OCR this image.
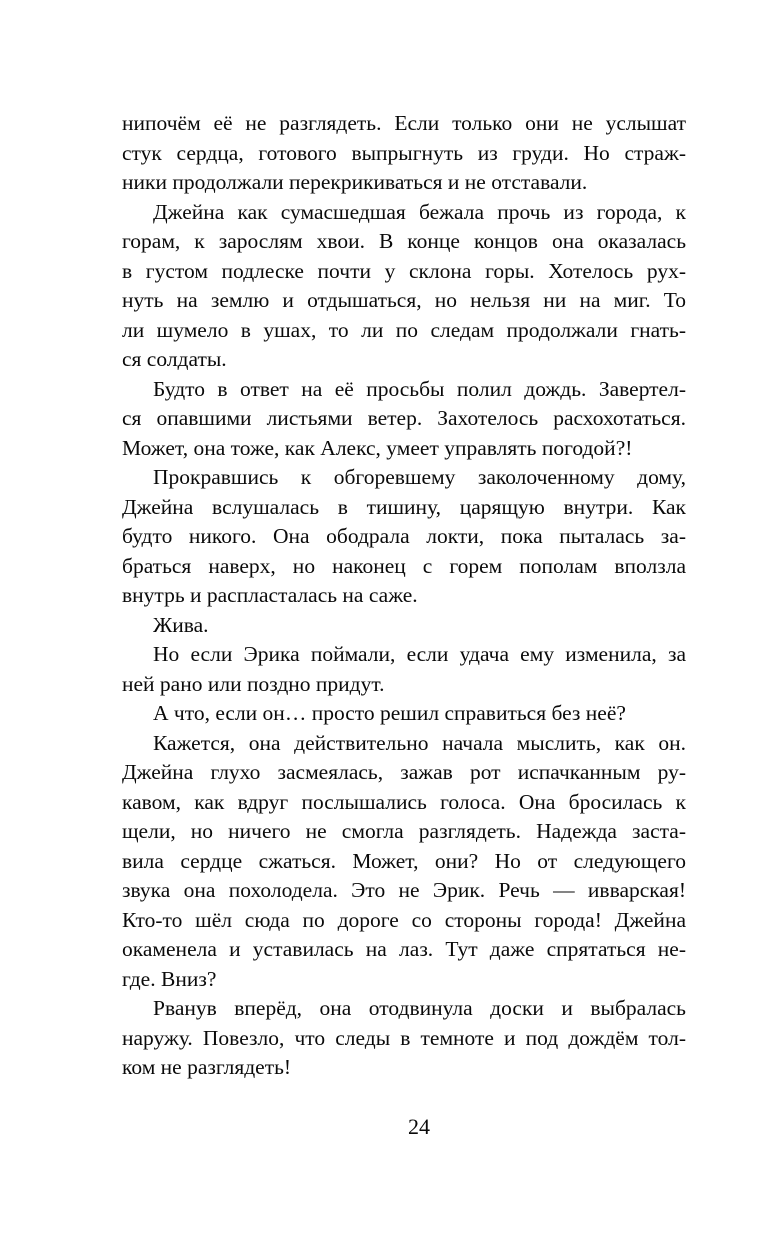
нипочём её не разглядеть. Если только они не услышат
стук сердца, готового выпрыгнуть из груди. Но страж-
ники продолжали перекрикиваться и не отставали.
Джейна как сумасшедшая бежала прочь из города, к
горам, к зарослям хвои. В конце концов она оказалась
в густом подлеске почти у склона горы. Хотелось рух-
нуть на землю и отдышаться, но нельзя ни на миг. То
ли шумело в ушах, то ли по следам продолжали гнать-
ся солдаты.
Будто в ответ на её просьбы полил дождь. Завертел-
ся опавшими листьями ветер. Захотелось расхохотаться.
Может, она тоже, как Алекс, умеет управлять погодой?!
Прокравшись к обгоревшему заколоченному дому,
Джейна вслушалась в тишину, царящую внутри. Как
будто никого. Она ободрала локти, пока пыталась за-
браться наверх, но наконец с горем пополам вползла
внутрь и распласталась на саже.
Жива.
Но если Эрика поймали, если удача ему изменила, за
ней рано или поздно придут.
А что, если он… просто решил справиться без неё?
Кажется, она действительно начала мыслить, как он.
Джейна глухо засмеялась, зажав рот испачканным ру-
кавом, как вдруг послышались голоса. Она бросилась к
щели, но ничего не смогла разглядеть. Надежда заста-
вила сердце сжаться. Может, они? Но от следующего
звука она похолодела. Это не Эрик. Речь — ивварская!
Кто-то шёл сюда по дороге со стороны города! Джейна
окаменела и уставилась на лаз. Тут даже спрятаться не-
где. Вниз?
Рванув вперёд, она отодвинула доски и выбралась
наружу. Повезло, что следы в темноте и под дождём тол-
ком не разглядеть!
24
